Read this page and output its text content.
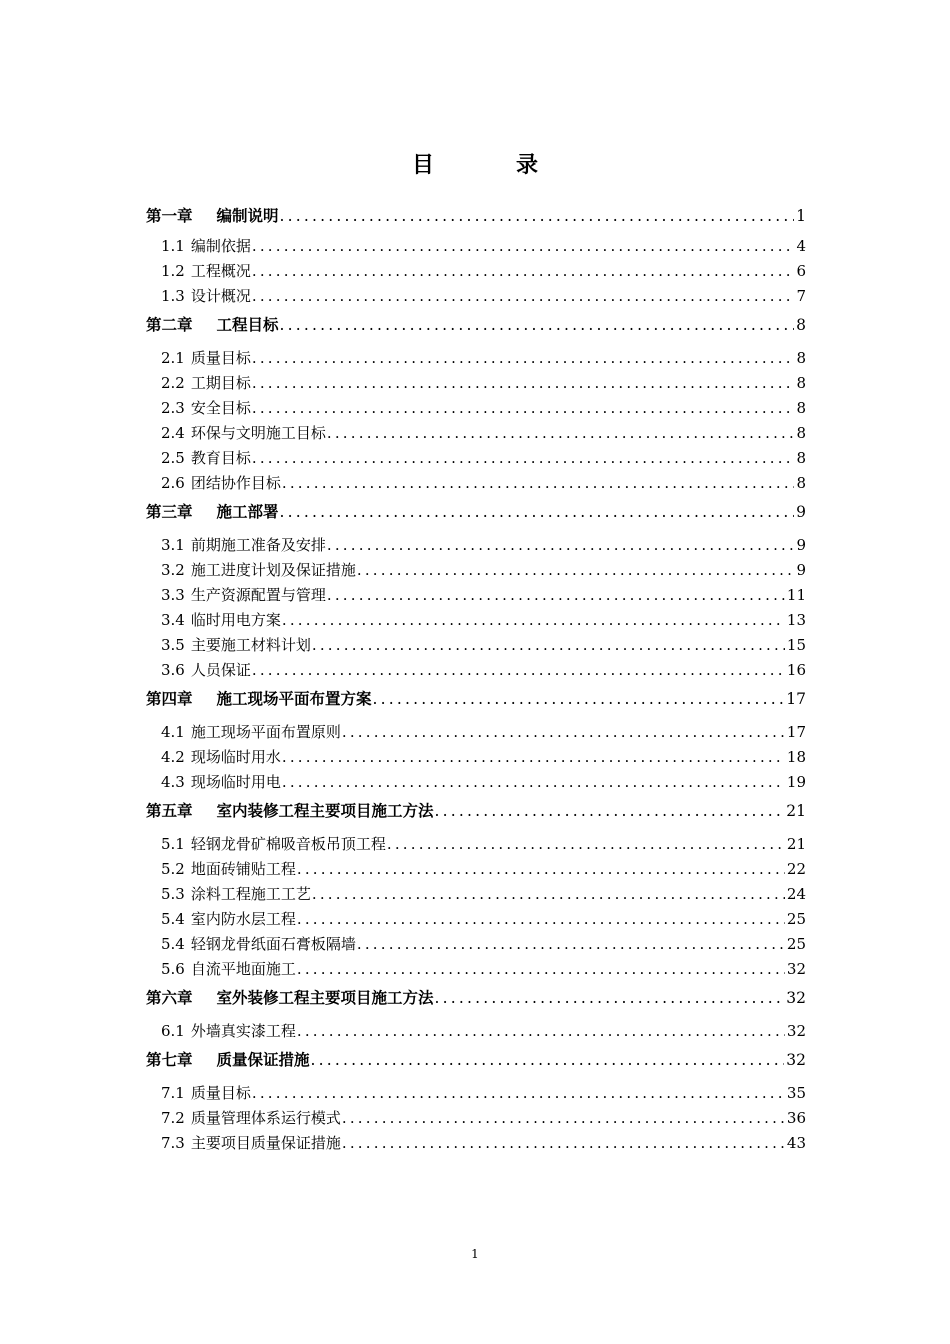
目	录
第一章 编制说明 .....	1
1.1 编制依据 .....	4
1.2 工程概况 .....	6
1.3 设计概况 .....	7
第二章 工程目标 .....	8
2.1 质量目标 .....	8
2.2 工期目标 .....	8
2.3 安全目标 .....	8
2.4 环保与文明施工目标 .....	8
2.5 教育目标 .....	8
2.6 团结协作目标 .....	8
第三章 施工部署 .....	9
3.1 前期施工准备及安排 .....	9
3.2 施工进度计划及保证措施 .....	9
3.3 生产资源配置与管理 .....	11
3.4 临时用电方案 .....	13
3.5 主要施工材料计划 .....	15
3.6 人员保证 .....	16
第四章 施工现场平面布置方案 .....	17
4.1 施工现场平面布置原则 .....	17
4.2 现场临时用水 .....	18
4.3 现场临时用电 .....	19
第五章 室内装修工程主要项目施工方法 .....	21
5.1 轻钢龙骨矿棉吸音板吊顶工程 .....	21
5.2 地面砖铺贴工程 .....	22
5.3 涂料工程施工工艺 .....	24
5.4 室内防水层工程 .....	25
5.4 轻钢龙骨纸面石膏板隔墙 .....	25
5.6 自流平地面施工 .....	32
第六章 室外装修工程主要项目施工方法 .....	32
6.1 外墙真实漆工程 .....	32
第七章 质量保证措施 .....	32
7.1 质量目标 .....	35
7.2 质量管理体系运行模式 .....	36
7.3 主要项目质量保证措施 .....	43
1
